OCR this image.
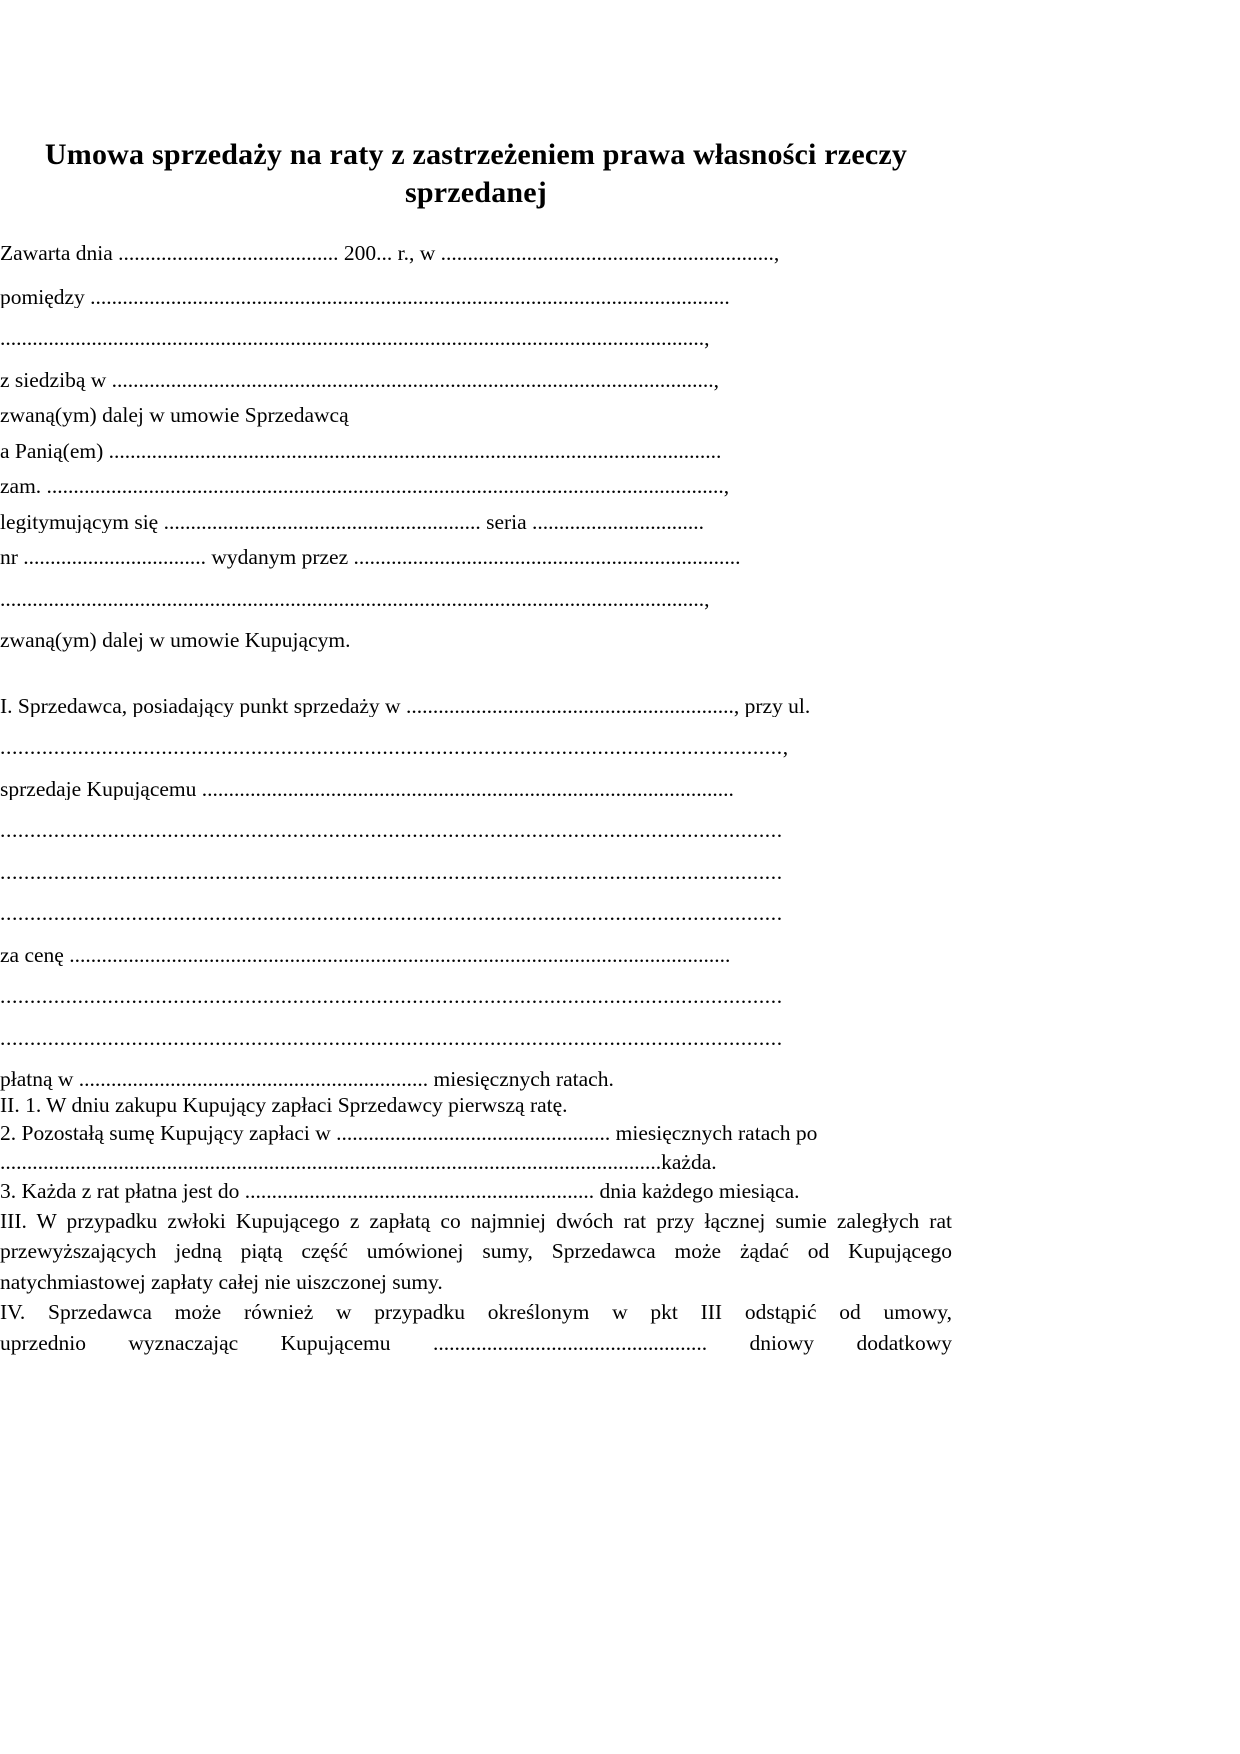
Umowa sprzedaży na raty z zastrzeżeniem prawa własności rzeczy sprzedanej
Zawarta dnia ......................................... 200... r., w ..............................................................,
pomiędzy .......................................................................................................................
...................................................................................................................................,
z siedzibą w ................................................................................................................,
zwaną(ym) dalej w umowie Sprzedawcą
a Panią(em) ..................................................................................................................
zam. ..............................................................................................................................,
legitymującym się ........................................................... seria ................................
nr .................................. wydanym przez ........................................................................
...................................................................................................................................,
zwaną(ym) dalej w umowie Kupującym.
I. Sprzedawca, posiadający punkt sprzedaży w ............................................................., przy ul.
...................................................................................................................................,
sprzedaje Kupującemu ...................................................................................................
...................................................................................................................................
...................................................................................................................................
...................................................................................................................................
za cenę ...........................................................................................................................
...................................................................................................................................
...................................................................................................................................
płatną w ................................................................. miesięcznych ratach.
II. 1. W dniu zakupu Kupujący zapłaci Sprzedawcy pierwszą ratę.
2. Pozostałą sumę Kupujący zapłaci w ................................................... miesięcznych ratach po
...........................................................................................................................każda.
3. Każda z rat płatna jest do ................................................................. dnia każdego miesiąca.
III. W przypadku zwłoki Kupującego z zapłatą co najmniej dwóch rat przy łącznej sumie zaległych rat przewyższających jedną piątą część umówionej sumy, Sprzedawca może żądać od Kupującego natychmiastowej zapłaty całej nie uiszczonej sumy.
IV. Sprzedawca może również w przypadku określonym w pkt III odstąpić od umowy,
uprzednio wyznaczając Kupującemu ................................................... dniowy dodatkowy
